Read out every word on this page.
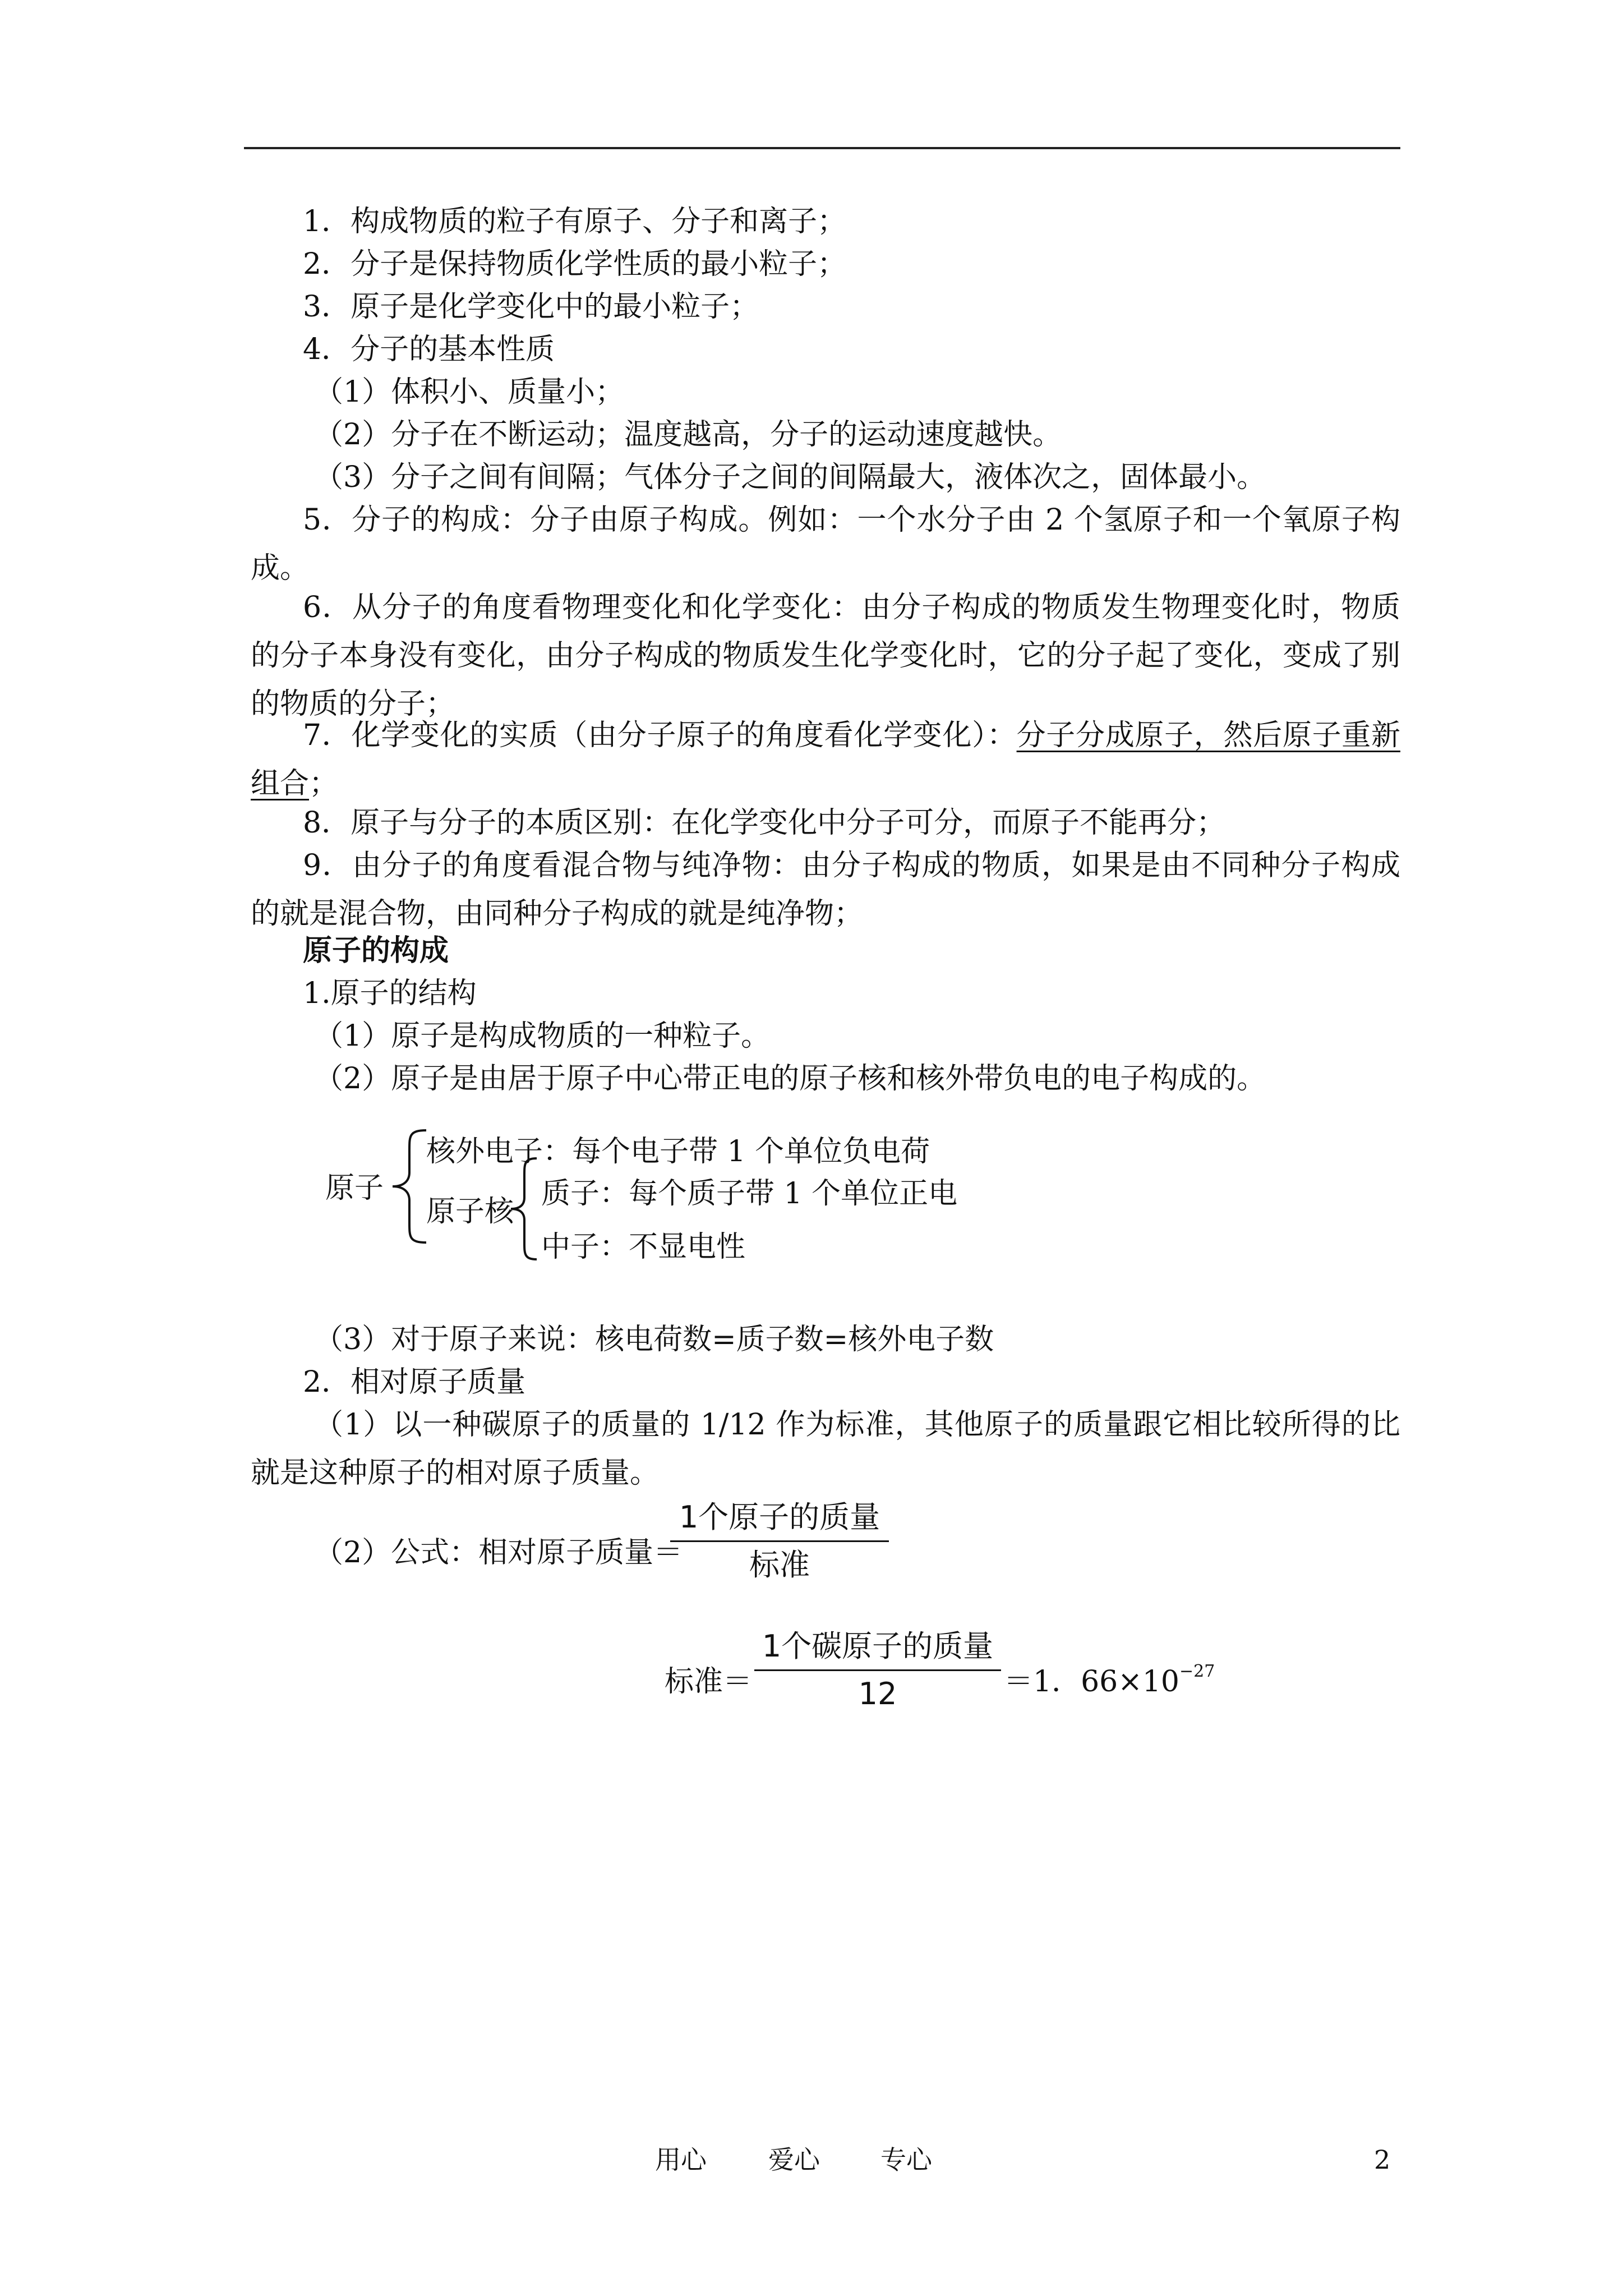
1．构成物质的粒子有原子、分子和离子；
2．分子是保持物质化学性质的最小粒子；
3．原子是化学变化中的最小粒子；
4．分子的基本性质
（1）体积小、质量小；
（2）分子在不断运动；温度越高，分子的运动速度越快。
（3）分子之间有间隔；气体分子之间的间隔最大，液体次之，固体最小。
5．分子的构成：分子由原子构成。例如：一个水分子由 2 个氢原子和一个氧原子构成。
6．从分子的角度看物理变化和化学变化：由分子构成的物质发生物理变化时，物质的分子本身没有变化，由分子构成的物质发生化学变化时，它的分子起了变化，变成了别的物质的分子；
7．化学变化的实质（由分子原子的角度看化学变化）：分子分成原子，然后原子重新组合；
8．原子与分子的本质区别：在化学变化中分子可分，而原子不能再分；
9．由分子的角度看混合物与纯净物：由分子构成的物质，如果是由不同种分子构成的就是混合物，由同种分子构成的就是纯净物；
原子的构成
1.原子的结构
（1）原子是构成物质的一种粒子。
（2）原子是由居于原子中心带正电的原子核和核外带负电的电子构成的。
原子
核外电子：每个电子带 1 个单位负电荷
原子核
质子：每个质子带 1 个单位正电
中子：不显电性
（3）对于原子来说：核电荷数=质子数=核外电子数
2．相对原子质量
（1）以一种碳原子的质量的 1/12 作为标准，其他原子的质量跟它相比较所得的比就是这种原子的相对原子质量。
（2）公式：相对原子质量＝
1个原子的质量
标准
标准＝
1个碳原子的质量
12	＝1．$66\times 10^{-27}$
用心 爱心 专心	2
